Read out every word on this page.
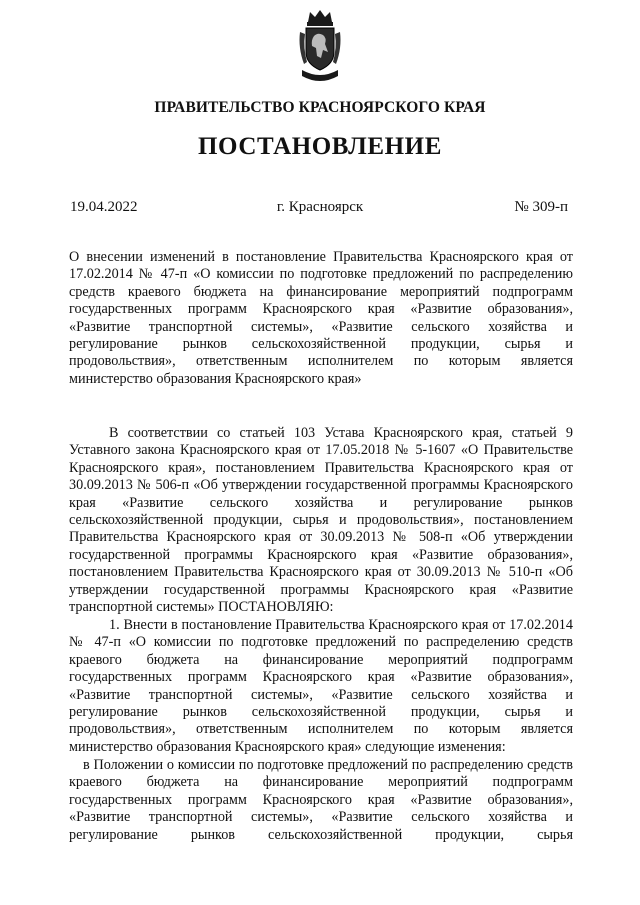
ПРАВИТЕЛЬСТВО КРАСНОЯРСКОГО КРАЯ
ПОСТАНОВЛЕНИЕ
19.04.2022	г. Красноярск	№ 309-п
О внесении изменений в постановление Правительства Красноярского края от 17.02.2014 № 47-п «О комиссии по подготовке предложений по распределению средств краевого бюджета на финансирование мероприятий подпрограмм государственных программ Красноярского края «Развитие образования», «Развитие транспортной системы», «Развитие сельского хозяйства и регулирование рынков сельскохозяйственной продукции, сырья и продовольствия», ответственным исполнителем по которым является министерство образования Красноярского края»
В соответствии со статьей 103 Устава Красноярского края, статьей 9 Уставного закона Красноярского края от 17.05.2018 № 5-1607 «О Правительстве Красноярского края», постановлением Правительства Красноярского края от 30.09.2013 № 506-п «Об утверждении государственной программы Красноярского края «Развитие сельского хозяйства и регулирование рынков сельскохозяйственной продукции, сырья и продовольствия», постановлением Правительства Красноярского края от 30.09.2013 № 508-п «Об утверждении государственной программы Красноярского края «Развитие образования», постановлением Правительства Красноярского края от 30.09.2013 № 510-п «Об утверждении государственной программы Красноярского края «Развитие транспортной системы» ПОСТАНОВЛЯЮ:
1. Внести в постановление Правительства Красноярского края от 17.02.2014 № 47-п «О комиссии по подготовке предложений по распределению средств краевого бюджета на финансирование мероприятий подпрограмм государственных программ Красноярского края «Развитие образования», «Развитие транспортной системы», «Развитие сельского хозяйства и регулирование рынков сельскохозяйственной продукции, сырья и продовольствия», ответственным исполнителем по которым является министерство образования Красноярского края» следующие изменения:
в Положении о комиссии по подготовке предложений по распределению средств краевого бюджета на финансирование мероприятий подпрограмм государственных программ Красноярского края «Развитие образования», «Развитие транспортной системы», «Развитие сельского хозяйства и регулирование рынков сельскохозяйственной продукции, сырья
